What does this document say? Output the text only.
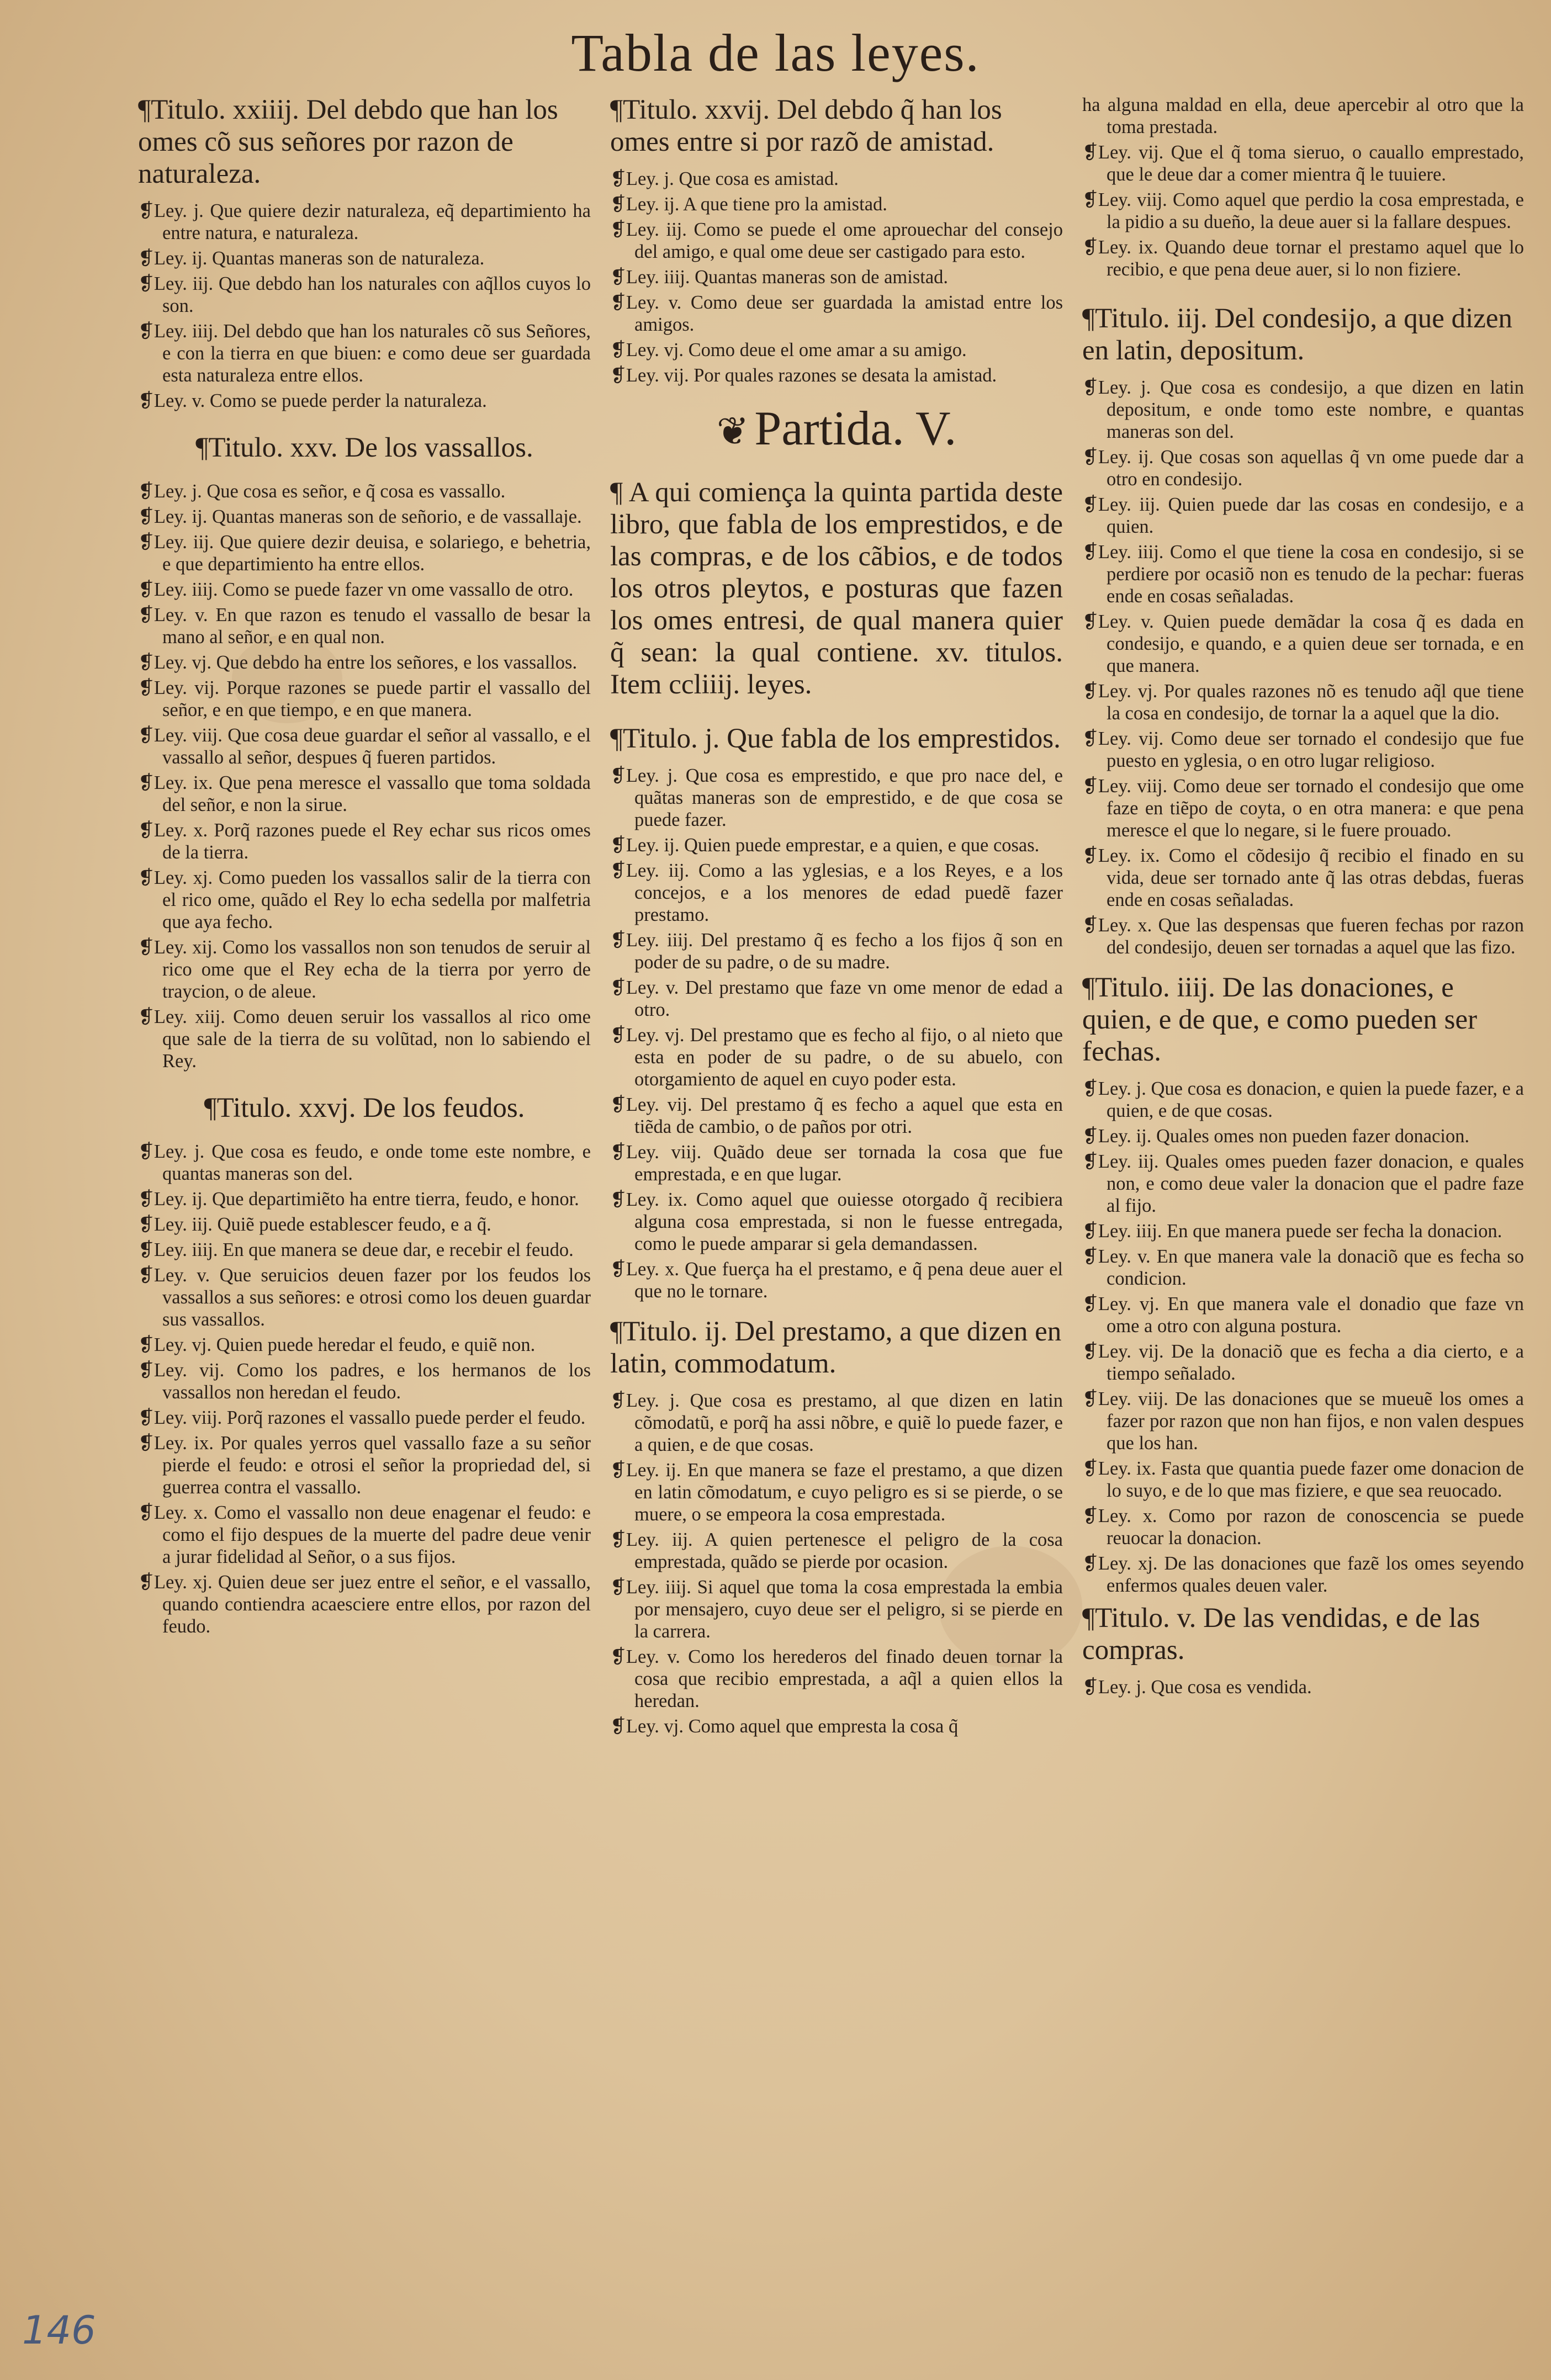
Tabla de las leyes.
¶Titulo. xxiiij. Del debdo que han los omes cõ sus señores por razon de naturaleza.
❡Ley. j. Que quiere dezir naturaleza, eq̃ departimiento ha entre natura, e naturaleza.
❡Ley. ij. Quantas maneras son de naturaleza.
❡Ley. iij. Que debdo han los naturales con aq̃llos cuyos lo son.
❡Ley. iiij. Del debdo que han los naturales cõ sus Señores, e con la tierra en que biuen: e como deue ser guardada esta naturaleza entre ellos.
❡Ley. v. Como se puede perder la naturaleza.
¶Titulo. xxv. De los vassallos.
❡Ley. j. Que cosa es señor, e q̃ cosa es vassallo.
❡Ley. ij. Quantas maneras son de señorio, e de vassallaje.
❡Ley. iij. Que quiere dezir deuisa, e solariego, e behetria, e que departimiento ha entre ellos.
❡Ley. iiij. Como se puede fazer vn ome vassallo de otro.
❡Ley. v. En que razon es tenudo el vassallo de besar la mano al señor, e en qual non.
❡Ley. vj. Que debdo ha entre los señores, e los vassallos.
❡Ley. vij. Porque razones se puede partir el vassallo del señor, e en que tiempo, e en que manera.
❡Ley. viij. Que cosa deue guardar el señor al vassallo, e el vassallo al señor, despues q̃ fueren partidos.
❡Ley. ix. Que pena meresce el vassallo que toma soldada del señor, e non la sirue.
❡Ley. x. Porq̃ razones puede el Rey echar sus ricos omes de la tierra.
❡Ley. xj. Como pueden los vassallos salir de la tierra con el rico ome, quãdo el Rey lo echa sedella por malfetria que aya fecho.
❡Ley. xij. Como los vassallos non son tenudos de seruir al rico ome que el Rey echa de la tierra por yerro de traycion, o de aleue.
❡Ley. xiij. Como deuen seruir los vassallos al rico ome que sale de la tierra de su volũtad, non lo sabiendo el Rey.
¶Titulo. xxvj. De los feudos.
❡Ley. j. Que cosa es feudo, e onde tome este nombre, e quantas maneras son del.
❡Ley. ij. Que departimiẽto ha entre tierra, feudo, e honor.
❡Ley. iij. Quiẽ puede establescer feudo, e a q̃.
❡Ley. iiij. En que manera se deue dar, e recebir el feudo.
❡Ley. v. Que seruicios deuen fazer por los feudos los vassallos a sus señores: e otrosi como los deuen guardar sus vassallos.
❡Ley. vj. Quien puede heredar el feudo, e quiẽ non.
❡Ley. vij. Como los padres, e los hermanos de los vassallos non heredan el feudo.
❡Ley. viij. Porq̃ razones el vassallo puede perder el feudo.
❡Ley. ix. Por quales yerros quel vassallo faze a su señor pierde el feudo: e otrosi el señor la propriedad del, si guerrea contra el vassallo.
❡Ley. x. Como el vassallo non deue enagenar el feudo: e como el fijo despues de la muerte del padre deue venir a jurar fidelidad al Señor, o a sus fijos.
❡Ley. xj. Quien deue ser juez entre el señor, e el vassallo, quando contiendra acaesciere entre ellos, por razon del feudo.
¶Titulo. xxvij. Del debdo q̃ han los omes entre si por razõ de amistad.
❡Ley. j. Que cosa es amistad.
❡Ley. ij. A que tiene pro la amistad.
❡Ley. iij. Como se puede el ome aprouechar del consejo del amigo, e qual ome deue ser castigado para esto.
❡Ley. iiij. Quantas maneras son de amistad.
❡Ley. v. Como deue ser guardada la amistad entre los amigos.
❡Ley. vj. Como deue el ome amar a su amigo.
❡Ley. vij. Por quales razones se desata la amistad.
❦ Partida. V.
¶ A qui comiença la quinta partida deste libro, que fabla de los emprestidos, e de las compras, e de los cãbios, e de todos los otros pleytos, e posturas que fazen los omes entresi, de qual manera quier q̃ sean: la qual contiene. xv. titulos. Item ccliiij. leyes.
¶Titulo. j. Que fabla de los emprestidos.
❡Ley. j. Que cosa es emprestido, e que pro nace del, e quãtas maneras son de emprestido, e de que cosa se puede fazer.
❡Ley. ij. Quien puede emprestar, e a quien, e que cosas.
❡Ley. iij. Como a las yglesias, e a los Reyes, e a los concejos, e a los menores de edad puedẽ fazer prestamo.
❡Ley. iiij. Del prestamo q̃ es fecho a los fijos q̃ son en poder de su padre, o de su madre.
❡Ley. v. Del prestamo que faze vn ome menor de edad a otro.
❡Ley. vj. Del prestamo que es fecho al fijo, o al nieto que esta en poder de su padre, o de su abuelo, con otorgamiento de aquel en cuyo poder esta.
❡Ley. vij. Del prestamo q̃ es fecho a aquel que esta en tiẽda de cambio, o de paños por otri.
❡Ley. viij. Quãdo deue ser tornada la cosa que fue emprestada, e en que lugar.
❡Ley. ix. Como aquel que ouiesse otorgado q̃ recibiera alguna cosa emprestada, si non le fuesse entregada, como le puede amparar si gela demandassen.
❡Ley. x. Que fuerça ha el prestamo, e q̃ pena deue auer el que no le tornare.
¶Titulo. ij. Del prestamo, a que dizen en latin, commodatum.
❡Ley. j. Que cosa es prestamo, al que dizen en latin cõmodatũ, e porq̃ ha assi nõbre, e quiẽ lo puede fazer, e a quien, e de que cosas.
❡Ley. ij. En que manera se faze el prestamo, a que dizen en latin cõmodatum, e cuyo peligro es si se pierde, o se muere, o se empeora la cosa emprestada.
❡Ley. iij. A quien pertenesce el peligro de la cosa emprestada, quãdo se pierde por ocasion.
❡Ley. iiij. Si aquel que toma la cosa emprestada la embia por mensajero, cuyo deue ser el peligro, si se pierde en la carrera.
❡Ley. v. Como los herederos del finado deuen tornar la cosa que recibio emprestada, a aq̃l a quien ellos la heredan.
❡Ley. vj. Como aquel que empresta la cosa q̃
ha alguna maldad en ella, deue apercebir al otro que la toma prestada.
❡Ley. vij. Que el q̃ toma sieruo, o cauallo emprestado, que le deue dar a comer mientra q̃ le tuuiere.
❡Ley. viij. Como aquel que perdio la cosa emprestada, e la pidio a su dueño, la deue auer si la fallare despues.
❡Ley. ix. Quando deue tornar el prestamo aquel que lo recibio, e que pena deue auer, si lo non fiziere.
¶Titulo. iij. Del condesijo, a que dizen en latin, depositum.
❡Ley. j. Que cosa es condesijo, a que dizen en latin depositum, e onde tomo este nombre, e quantas maneras son del.
❡Ley. ij. Que cosas son aquellas q̃ vn ome puede dar a otro en condesijo.
❡Ley. iij. Quien puede dar las cosas en condesijo, e a quien.
❡Ley. iiij. Como el que tiene la cosa en condesijo, si se perdiere por ocasiõ non es tenudo de la pechar: fueras ende en cosas señaladas.
❡Ley. v. Quien puede demãdar la cosa q̃ es dada en condesijo, e quando, e a quien deue ser tornada, e en que manera.
❡Ley. vj. Por quales razones nõ es tenudo aq̃l que tiene la cosa en condesijo, de tornar la a aquel que la dio.
❡Ley. vij. Como deue ser tornado el condesijo que fue puesto en yglesia, o en otro lugar religioso.
❡Ley. viij. Como deue ser tornado el condesijo que ome faze en tiẽpo de coyta, o en otra manera: e que pena meresce el que lo negare, si le fuere prouado.
❡Ley. ix. Como el cõdesijo q̃ recibio el finado en su vida, deue ser tornado ante q̃ las otras debdas, fueras ende en cosas señaladas.
❡Ley. x. Que las despensas que fueren fechas por razon del condesijo, deuen ser tornadas a aquel que las fizo.
¶Titulo. iiij. De las donaciones, e quien, e de que, e como pueden ser fechas.
❡Ley. j. Que cosa es donacion, e quien la puede fazer, e a quien, e de que cosas.
❡Ley. ij. Quales omes non pueden fazer donacion.
❡Ley. iij. Quales omes pueden fazer donacion, e quales non, e como deue valer la donacion que el padre faze al fijo.
❡Ley. iiij. En que manera puede ser fecha la donacion.
❡Ley. v. En que manera vale la donaciõ que es fecha so condicion.
❡Ley. vj. En que manera vale el donadio que faze vn ome a otro con alguna postura.
❡Ley. vij. De la donaciõ que es fecha a dia cierto, e a tiempo señalado.
❡Ley. viij. De las donaciones que se mueuẽ los omes a fazer por razon que non han fijos, e non valen despues que los han.
❡Ley. ix. Fasta que quantia puede fazer ome donacion de lo suyo, e de lo que mas fiziere, e que sea reuocado.
❡Ley. x. Como por razon de conoscencia se puede reuocar la donacion.
❡Ley. xj. De las donaciones que fazẽ los omes seyendo enfermos quales deuen valer.
¶Titulo. v. De las vendidas, e de las compras.
❡Ley. j. Que cosa es vendida.
146
